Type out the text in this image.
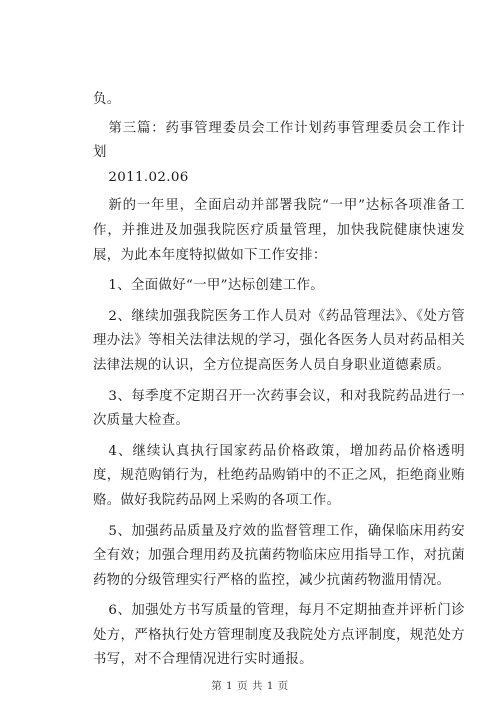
负。

第三篇：药事管理委员会工作计划药事管理委员会工作计划

2011.02.06

新的一年里，全面启动并部署我院“一甲”达标各项准备工作，并推进及加强我院医疗质量管理，加快我院健康快速发展，为此本年度特拟做如下工作安排：

1、全面做好“一甲”达标创建工作。

2、继续加强我院医务工作人员对《药品管理法》、《处方管理办法》等相关法律法规的学习，强化各医务人员对药品相关法律法规的认识，全方位提高医务人员自身职业道德素质。

3、每季度不定期召开一次药事会议，和对我院药品进行一次质量大检查。

4、继续认真执行国家药品价格政策，增加药品价格透明度，规范购销行为，杜绝药品购销中的不正之风，拒绝商业贿赂。做好我院药品网上采购的各项工作。

5、加强药品质量及疗效的监督管理工作，确保临床用药安全有效；加强合理用药及抗菌药物临床应用指导工作，对抗菌药物的分级管理实行严格的监控，减少抗菌药物滥用情况。

6、加强处方书写质量的管理，每月不定期抽查并评析门诊处方，严格执行处方管理制度及我院处方点评制度，规范处方书写，对不合理情况进行实时通报。

第 1 页 共 1 页
